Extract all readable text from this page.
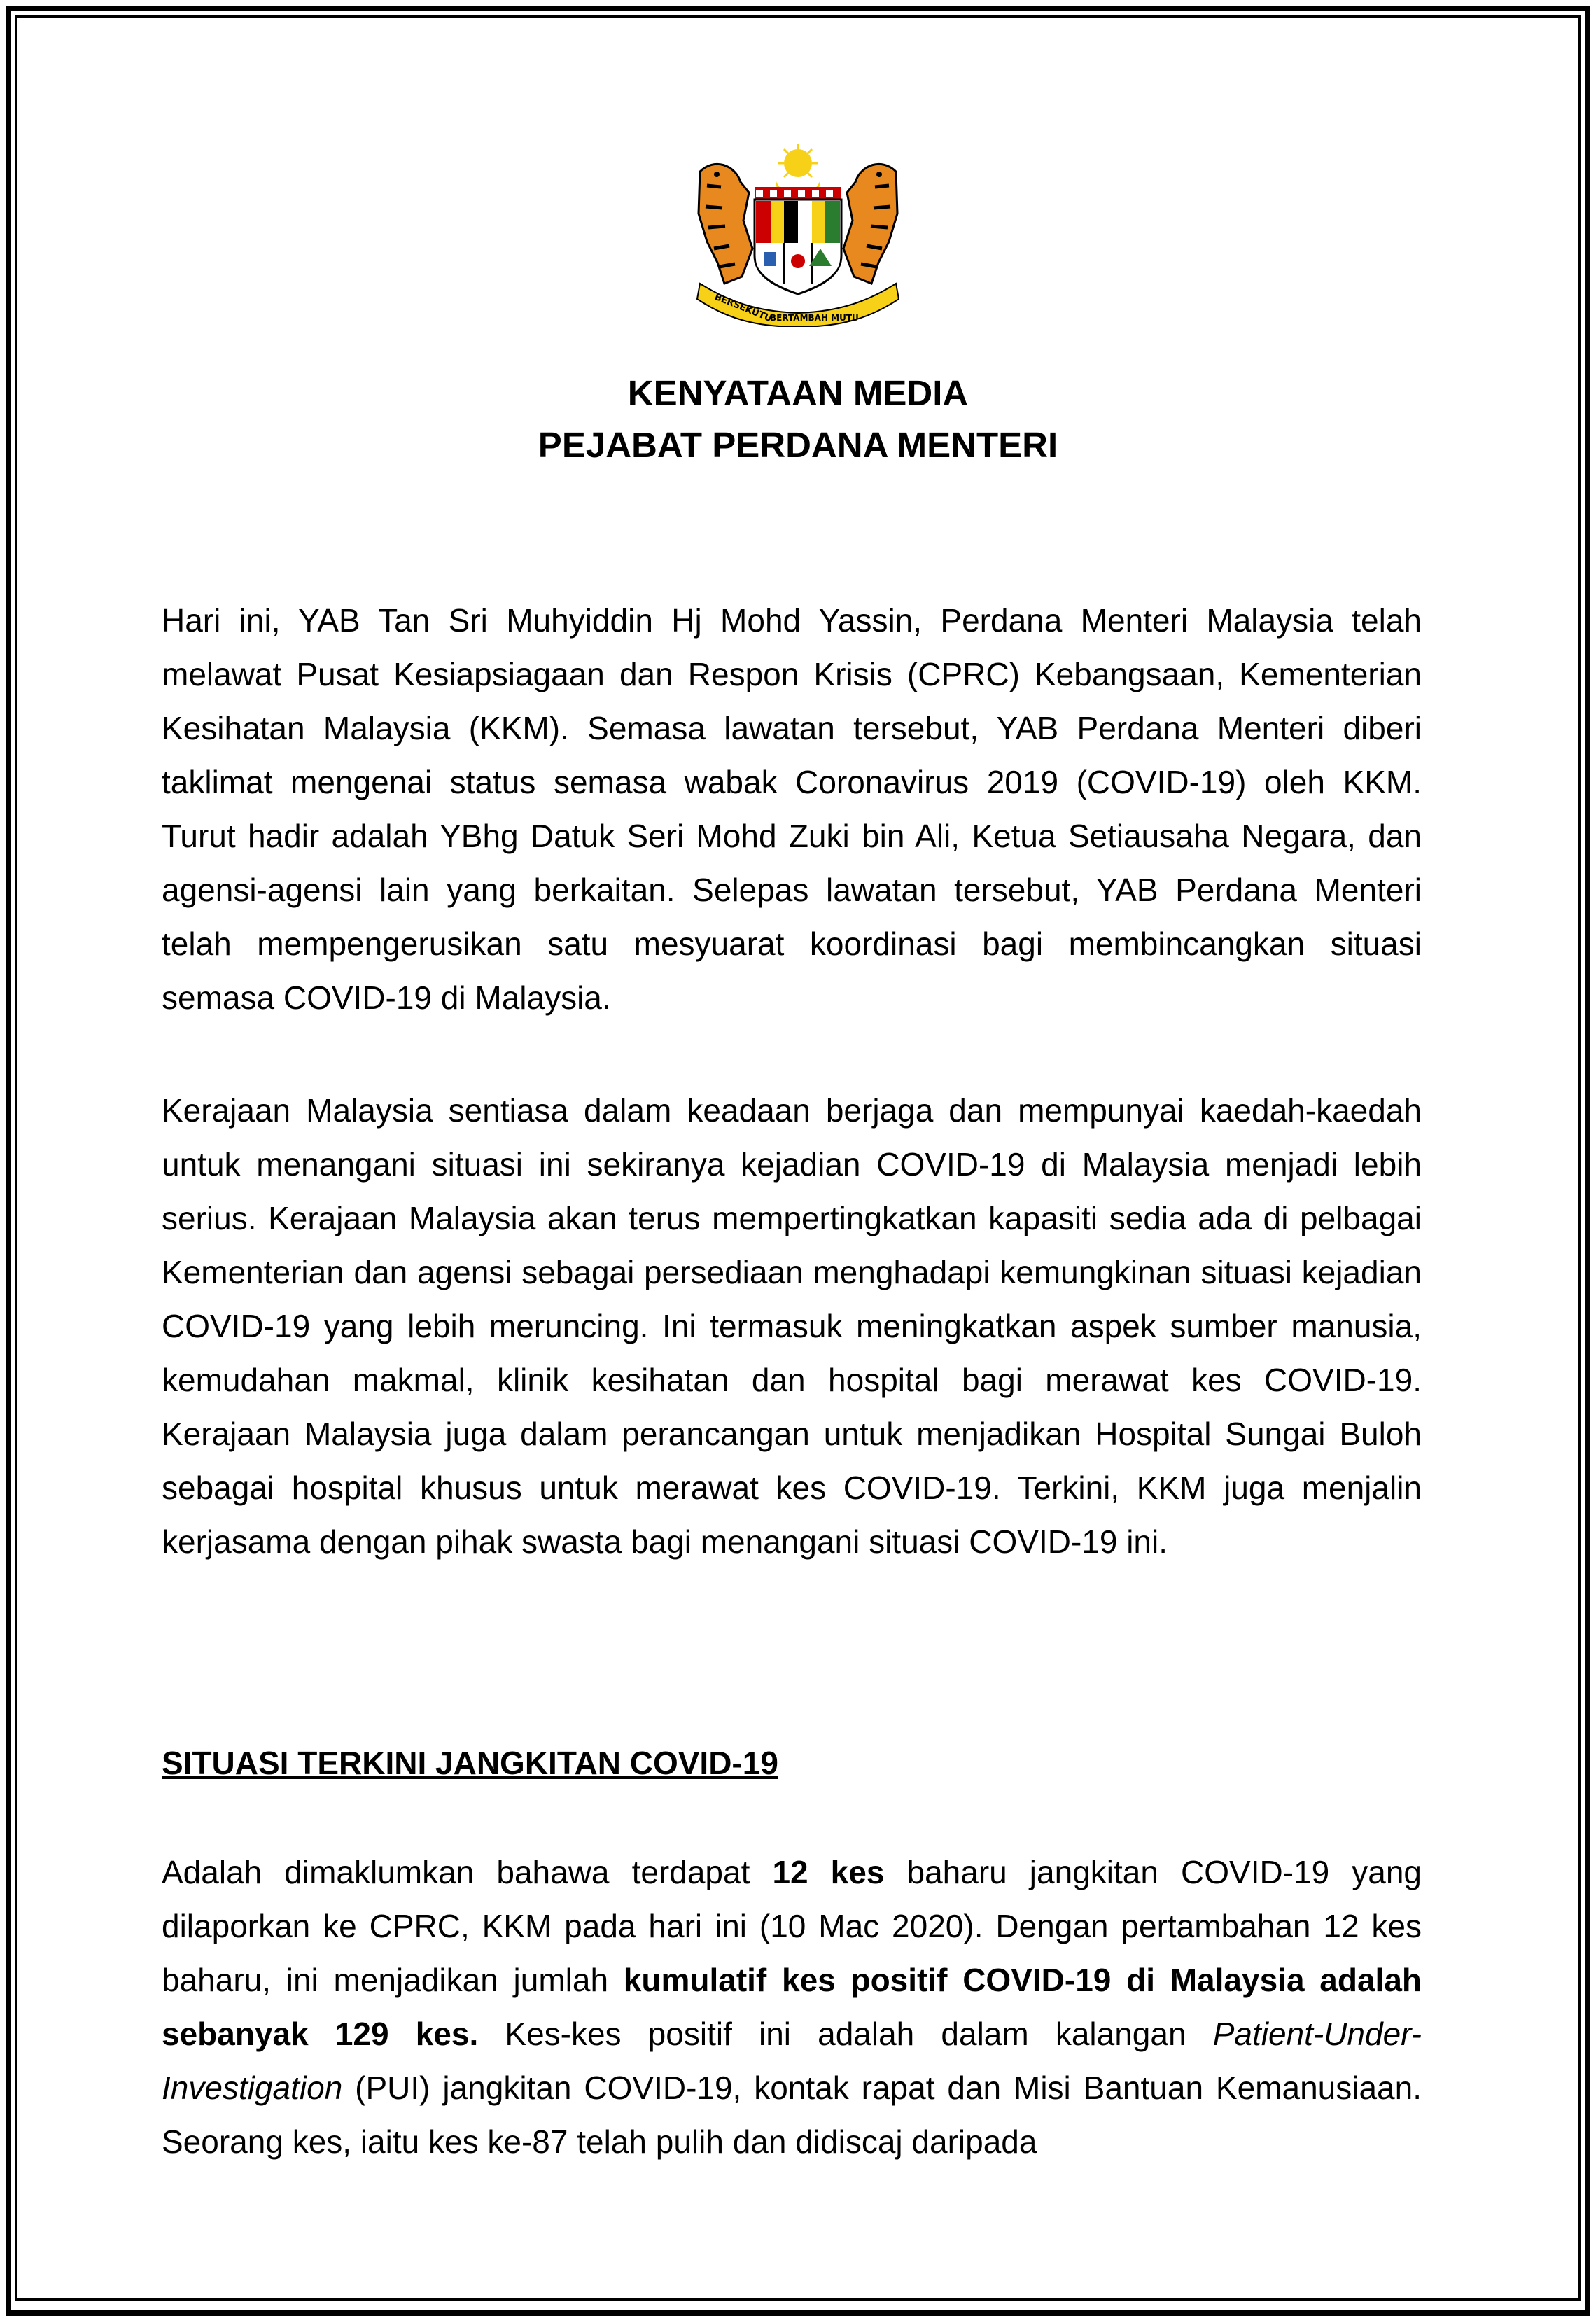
BERSEKUTU
BERTAMBAH MUTU
KENYATAAN MEDIA
PEJABAT PERDANA MENTERI

Hari ini, YAB Tan Sri Muhyiddin Hj Mohd Yassin, Perdana Menteri Malaysia telah melawat Pusat Kesiapsiagaan dan Respon Krisis (CPRC) Kebangsaan, Kementerian Kesihatan Malaysia (KKM). Semasa lawatan tersebut, YAB Perdana Menteri diberi taklimat mengenai status semasa wabak Coronavirus 2019 (COVID-19) oleh KKM. Turut hadir adalah YBhg Datuk Seri Mohd Zuki bin Ali, Ketua Setiausaha Negara, dan agensi-agensi lain yang berkaitan. Selepas lawatan tersebut, YAB Perdana Menteri telah mempengerusikan satu mesyuarat koordinasi bagi membincangkan situasi semasa COVID-19 di Malaysia.

Kerajaan Malaysia sentiasa dalam keadaan berjaga dan mempunyai kaedah-kaedah untuk menangani situasi ini sekiranya kejadian COVID-19 di Malaysia menjadi lebih serius. Kerajaan Malaysia akan terus mempertingkatkan kapasiti sedia ada di pelbagai Kementerian dan agensi sebagai persediaan menghadapi kemungkinan situasi kejadian COVID-19 yang lebih meruncing. Ini termasuk meningkatkan aspek sumber manusia, kemudahan makmal, klinik kesihatan dan hospital bagi merawat kes COVID-19. Kerajaan Malaysia juga dalam perancangan untuk menjadikan Hospital Sungai Buloh sebagai hospital khusus untuk merawat kes COVID-19. Terkini, KKM juga menjalin kerjasama dengan pihak swasta bagi menangani situasi COVID-19 ini.

SITUASI TERKINI JANGKITAN COVID-19

Adalah dimaklumkan bahawa terdapat 12 kes baharu jangkitan COVID-19 yang dilaporkan ke CPRC, KKM pada hari ini (10 Mac 2020). Dengan pertambahan 12 kes baharu, ini menjadikan jumlah kumulatif kes positif COVID-19 di Malaysia adalah sebanyak 129 kes. Kes-kes positif ini adalah dalam kalangan Patient-Under-Investigation (PUI) jangkitan COVID-19, kontak rapat dan Misi Bantuan Kemanusiaan. Seorang kes, iaitu kes ke-87 telah pulih dan didiscaj daripada
